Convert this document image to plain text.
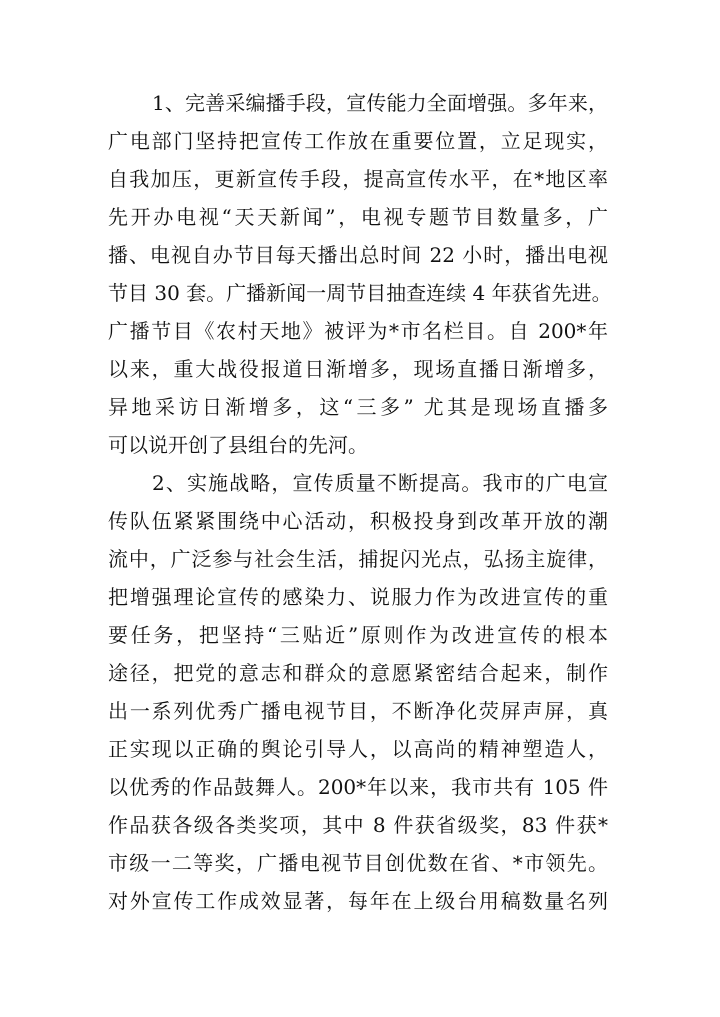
1、完善采编播手段，宣传能力全面增强。多年来，
广电部门坚持把宣传工作放在重要位置，立足现实，
自我加压，更新宣传手段，提高宣传水平，在*地区率
先开办电视“天天新闻”，电视专题节目数量多，广
播、电视自办节目每天播出总时间 22 小时，播出电视
节目 30 套。广播新闻一周节目抽查连续 4 年获省先进。
广播节目《农村天地》被评为*市名栏目。自 200*年
以来，重大战役报道日渐增多，现场直播日渐增多，
异地采访日渐增多，这“三多” 尤其是现场直播多
可以说开创了县组台的先河。
2、实施战略，宣传质量不断提高。我市的广电宣
传队伍紧紧围绕中心活动，积极投身到改革开放的潮
流中，广泛参与社会生活，捕捉闪光点，弘扬主旋律，
把增强理论宣传的感染力、说服力作为改进宣传的重
要任务，把坚持“三贴近”原则作为改进宣传的根本
途径，把党的意志和群众的意愿紧密结合起来，制作
出一系列优秀广播电视节目，不断净化荧屏声屏，真
正实现以正确的舆论引导人，以高尚的精神塑造人，
以优秀的作品鼓舞人。200*年以来，我市共有 105 件
作品获各级各类奖项，其中 8 件获省级奖，83 件获*
市级一二等奖，广播电视节目创优数在省、*市领先。
对外宣传工作成效显著，每年在上级台用稿数量名列
